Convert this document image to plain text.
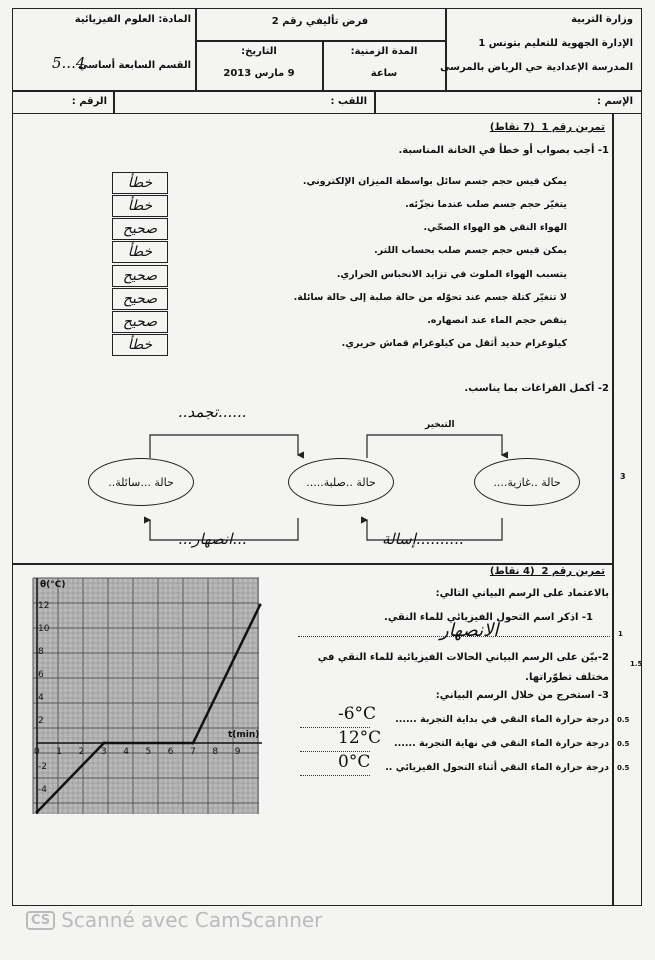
وزارة التربية
الإدارة الجهوية للتعليم بتونس 1
المدرسة الإعدادية حي الرياض بالمرسى
فرض تأليفي رقم 2
المدة الزمنية:
ساعة
التاريخ:
9 مارس 2013
المادة: العلوم الفيزيائية
القسم السابعة أساسي
5...4
الإسم :
اللقب :
الرقم :
تمرين رقم 1  (7 نقاط)
1- أجب بصواب أو خطأ في الخانة المناسبة.
يمكن قيس حجم جسم سائل بواسطة الميزان الإلكتروني.
خطأ
يتغيّر حجم جسم صلب عندما نجزّئه.
خطأ
الهواء النقي هو الهواء الصحّي.
صحيح
يمكن قيس حجم جسم صلب بحساب اللتر.
خطأ
يتسبب الهواء الملوث في تزايد الانحباس الحراري.
صحيح
لا تتغيّر كتلة جسم عند تحوّله من حالة صلبة إلى حالة سائلة.
صحيح
ينقص حجم الماء عند انصهاره.
صحيح
كيلوغرام حديد أثقل من كيلوغرام قماش حريري.
خطأ
2- أكمل الفراغات بما يناسب.
3
حالة ...سائلة..	حالة ..صلبة.....	حالة ..غازية....
التبخير
......تجمد..
..........إسالة
...انصهار...
تمرين رقم 2  (4 نقاط)
بالاعتماد على الرسم البياني التالي:
1- اذكر اسم التحول الفيزيائي للماء النقي.
الانصهار
2-بيّن على الرسم البياني الحالات الفيزيائية للماء النقي في مختلف تطوّراتها.
3- استخرج من خلال الرسم البياني:
1
1.5
درجة حرارة الماء النقي في بداية التجربة ......
-6°C	0.5
درجة حرارة الماء النقي في نهاية التجربة ......
12°C	0.5
درجة حرارة الماء النقي أثناء التحول الفيزيائي ..
0°C	0.5
0 1 2 3 4 5 6 7 8 9
-4
-2
2
4
6
8
10
12
θ(°C)
t(min)
CS Scanné avec CamScanner
